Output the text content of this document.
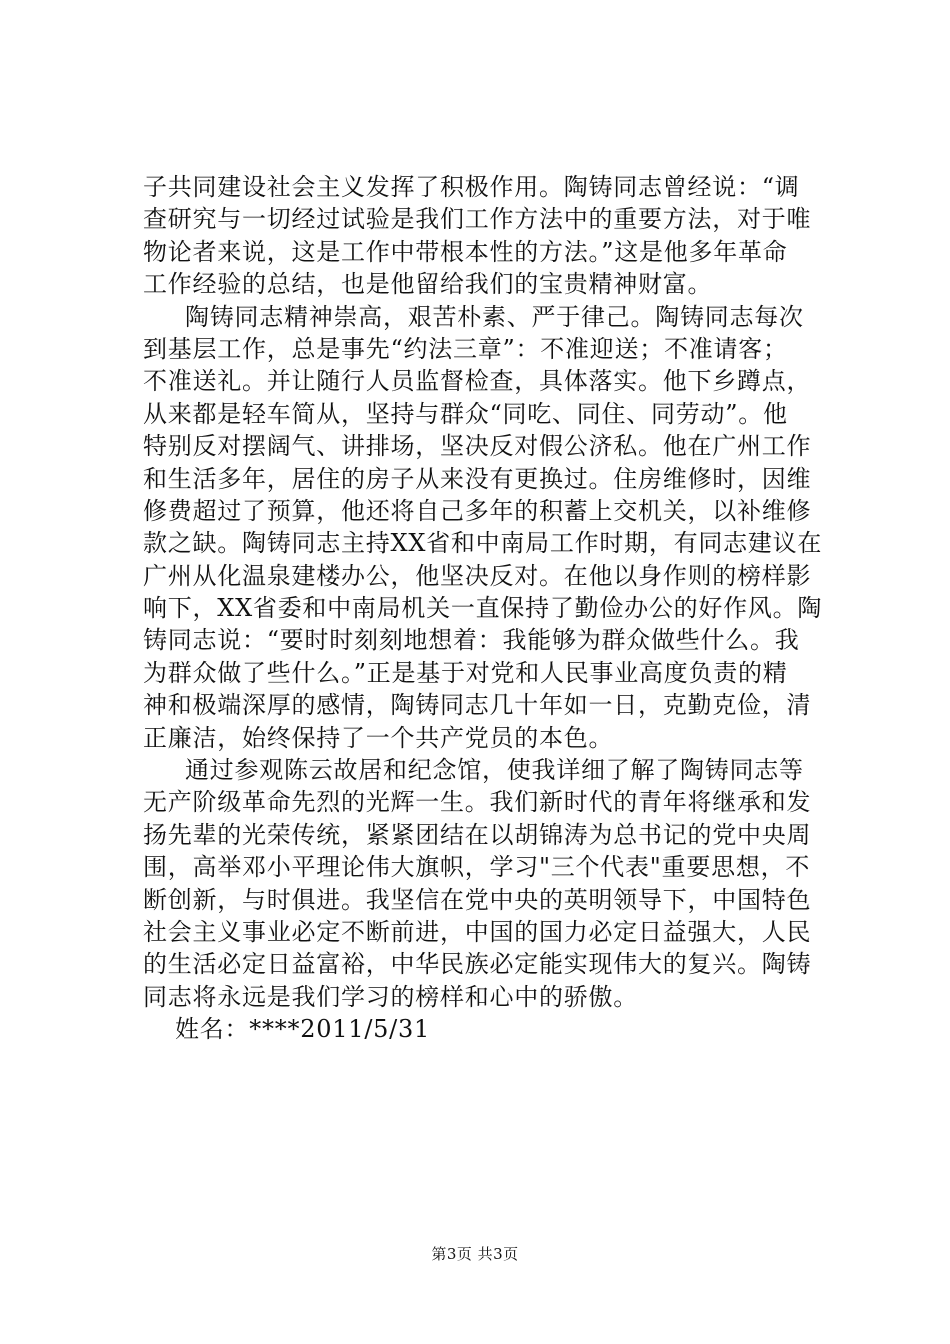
子共同建设社会主义发挥了积极作用。陶铸同志曾经说：“调
查研究与一切经过试验是我们工作方法中的重要方法，对于唯
物论者来说，这是工作中带根本性的方法。”这是他多年革命
工作经验的总结，也是他留给我们的宝贵精神财富。
陶铸同志精神崇高，艰苦朴素、严于律己。陶铸同志每次
到基层工作，总是事先“约法三章”：不准迎送；不准请客；
不准送礼。并让随行人员监督检查，具体落实。他下乡蹲点，
从来都是轻车简从，坚持与群众“同吃、同住、同劳动”。他
特别反对摆阔气、讲排场，坚决反对假公济私。他在广州工作
和生活多年，居住的房子从来没有更换过。住房维修时，因维
修费超过了预算，他还将自己多年的积蓄上交机关，以补维修
款之缺。陶铸同志主持XX省和中南局工作时期，有同志建议在
广州从化温泉建楼办公，他坚决反对。在他以身作则的榜样影
响下，XX省委和中南局机关一直保持了勤俭办公的好作风。陶
铸同志说：“要时时刻刻地想着：我能够为群众做些什么。我
为群众做了些什么。”正是基于对党和人民事业高度负责的精
神和极端深厚的感情，陶铸同志几十年如一日，克勤克俭，清
正廉洁，始终保持了一个共产党员的本色。
通过参观陈云故居和纪念馆，使我详细了解了陶铸同志等
无产阶级革命先烈的光辉一生。我们新时代的青年将继承和发
扬先辈的光荣传统，紧紧团结在以胡锦涛为总书记的党中央周
围，高举邓小平理论伟大旗帜，学习"三个代表"重要思想，不
断创新，与时俱进。我坚信在党中央的英明领导下，中国特色
社会主义事业必定不断前进，中国的国力必定日益强大，人民
的生活必定日益富裕，中华民族必定能实现伟大的复兴。陶铸
同志将永远是我们学习的榜样和心中的骄傲。
姓名：****2011/5/31
第3页 共3页
